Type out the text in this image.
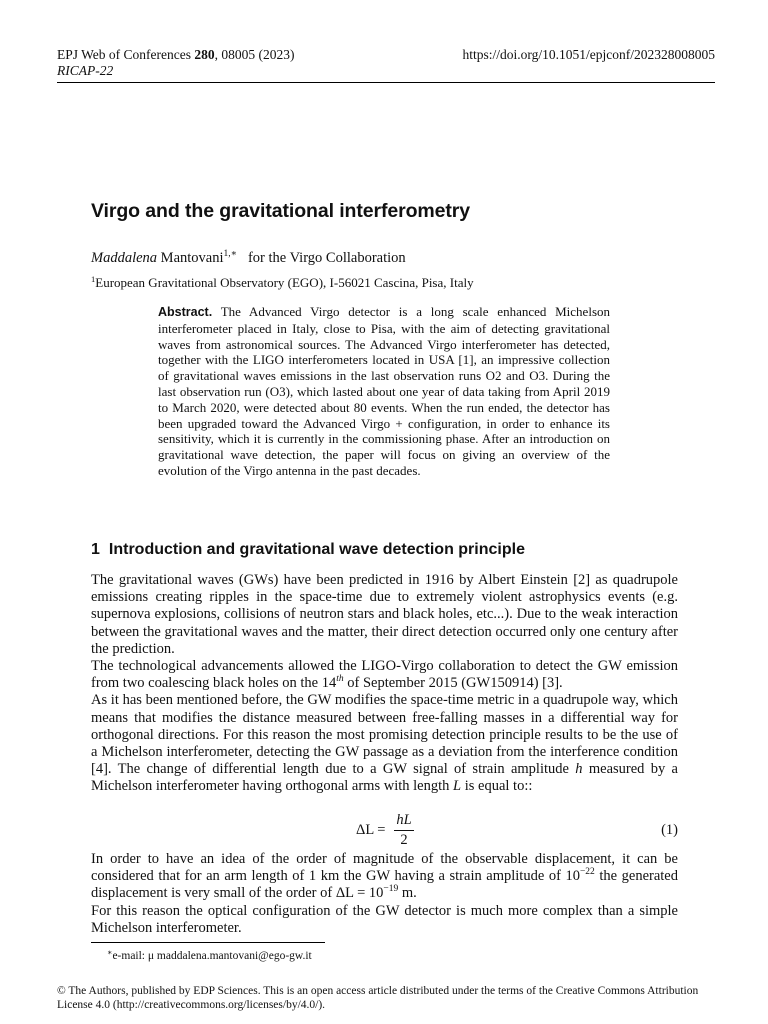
EPJ Web of Conferences 280, 08005 (2023)
RICAP-22
https://doi.org/10.1051/epjconf/202328008005
Virgo and the gravitational interferometry
Maddalena Mantovani$^{1,∗}$ for the Virgo Collaboration
$^1$European Gravitational Observatory (EGO), I-56021 Cascina, Pisa, Italy
Abstract. The Advanced Virgo detector is a long scale enhanced Michelson interferometer placed in Italy, close to Pisa, with the aim of detecting gravitational waves from astronomical sources. The Advanced Virgo interferometer has detected, together with the LIGO interferometers located in USA [1], an impressive collection of gravitational waves emissions in the last observation runs O2 and O3. During the last observation run (O3), which lasted about one year of data taking from April 2019 to March 2020, were detected about 80 events. When the run ended, the detector has been upgraded toward the Advanced Virgo + configuration, in order to enhance its sensitivity, which it is currently in the commissioning phase. After an introduction on gravitational wave detection, the paper will focus on giving an overview of the evolution of the Virgo antenna in the past decades.
1 Introduction and gravitational wave detection principle

The gravitational waves (GWs) have been predicted in 1916 by Albert Einstein [2] as quadrupole emissions creating ripples in the space-time due to extremely violent astrophysics events (e.g. supernova explosions, collisions of neutron stars and black holes, etc...). Due to the weak interaction between the gravitational waves and the matter, their direct detection occurred only one century after the prediction.

The technological advancements allowed the LIGO-Virgo collaboration to detect the GW emission from two coalescing black holes on the 14th of September 2015 (GW150914) [3].

As it has been mentioned before, the GW modifies the space-time metric in a quadrupole way, which means that modifies the distance measured between free-falling masses in a differential way for orthogonal directions. For this reason the most promising detection principle results to be the use of a Michelson interferometer, detecting the GW passage as a deviation from the interference condition [4]. The change of differential length due to a GW signal of strain amplitude h measured by a Michelson interferometer having orthogonal arms with length L is equal to::

ΔL =
hL
2
(1)

In order to have an idea of the order of magnitude of the observable displacement, it can be considered that for an arm length of 1 km the GW having a strain amplitude of $10^{-22}$ the generated displacement is very small of the order of $\Delta L = 10^{-19}$ m.

For this reason the optical configuration of the GW detector is much more complex than a simple Michelson interferometer.

∗e-mail: μ maddalena.mantovani@ego-gw.it
© The Authors, published by EDP Sciences. This is an open access article distributed under the terms of the Creative Commons Attribution License 4.0 (http://creativecommons.org/licenses/by/4.0/).
